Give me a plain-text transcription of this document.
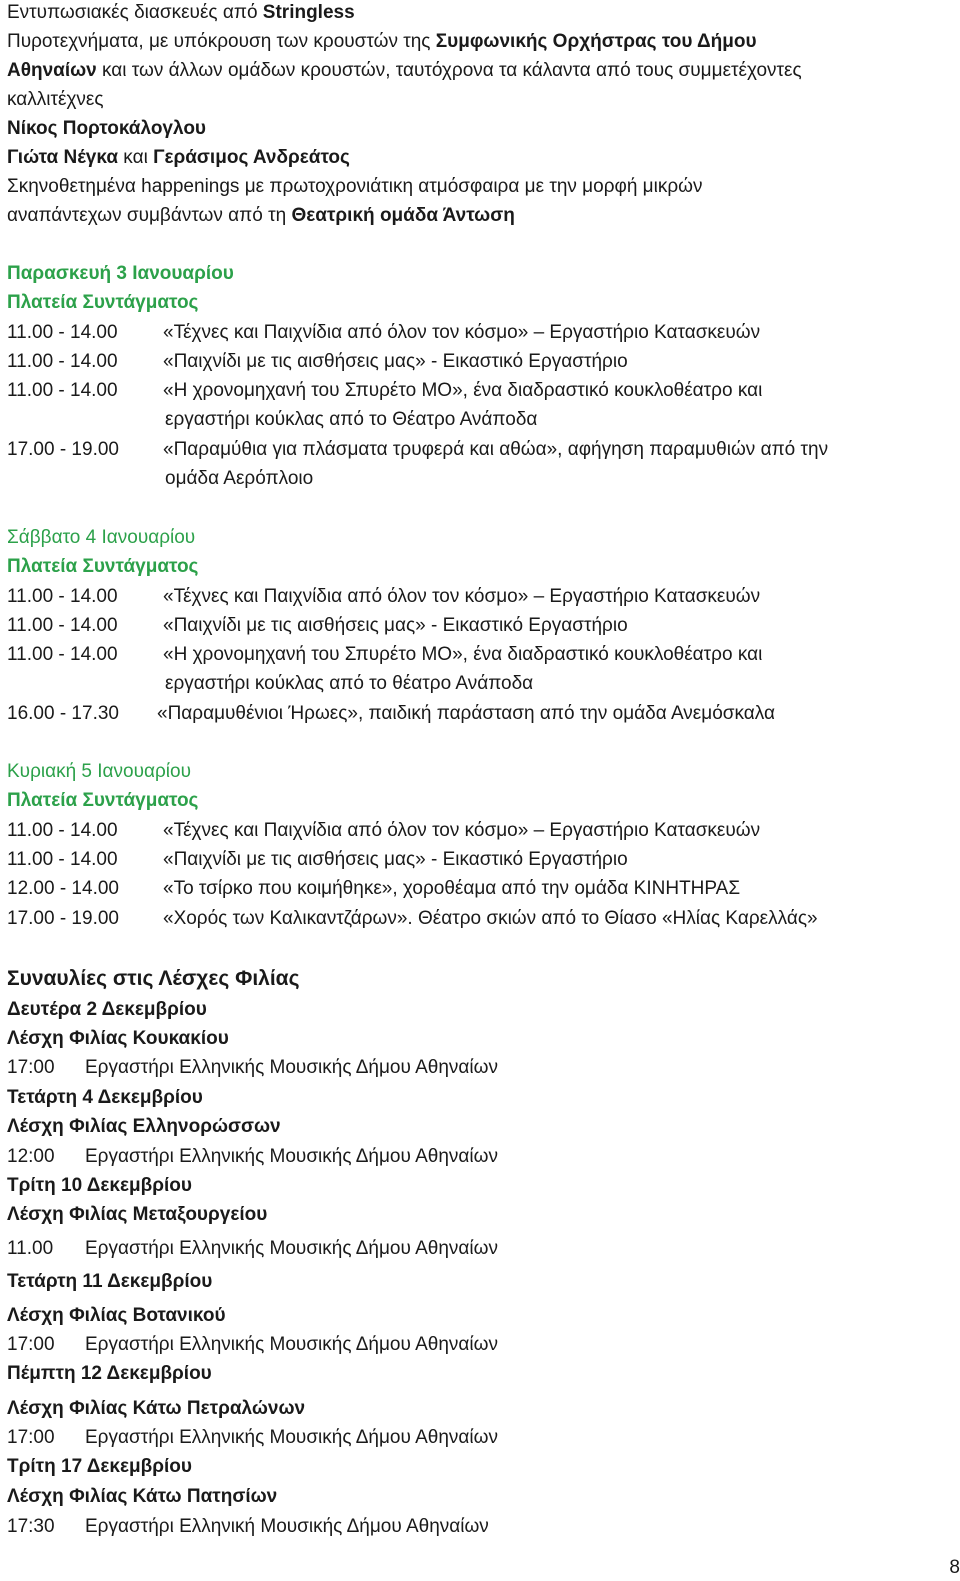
Εντυπωσιακές διασκευές από Stringless
Πυροτεχνήματα, με υπόκρουση των κρουστών της Συμφωνικής Ορχήστρας του Δήμου
Αθηναίων και των άλλων ομάδων κρουστών, ταυτόχρονα τα κάλαντα από τους συμμετέχοντες
καλλιτέχνες
Νίκος Πορτοκάλογλου
Γιώτα Νέγκα και Γεράσιμος Ανδρεάτος
Σκηνοθετημένα happenings με πρωτοχρονιάτικη ατμόσφαιρα με την μορφή μικρών
αναπάντεχων συμβάντων από τη Θεατρική ομάδα Άντωση
Παρασκευή 3 Ιανουαρίου
Πλατεία Συντάγματος
11.00 - 14.00 «Τέχνες και Παιχνίδια από όλον τον κόσμο» – Εργαστήριο Κατασκευών
11.00 - 14.00 «Παιχνίδι με τις αισθήσεις μας» - Εικαστικό Εργαστήριο
11.00 - 14.00 «Η χρονομηχανή του Σπυρέτο ΜΟ», ένα διαδραστικό κουκλοθέατρο και
εργαστήρι κούκλας από το Θέατρο Ανάποδα
17.00 - 19.00 «Παραμύθια για πλάσματα τρυφερά και αθώα», αφήγηση παραμυθιών από την
ομάδα Αερόπλοιο
Σάββατο 4 Ιανουαρίου
Πλατεία Συντάγματος
11.00 - 14.00 «Τέχνες και Παιχνίδια από όλον τον κόσμο» – Εργαστήριο Κατασκευών
11.00 - 14.00 «Παιχνίδι με τις αισθήσεις μας» - Εικαστικό Εργαστήριο
11.00 - 14.00 «Η χρονομηχανή του Σπυρέτο ΜΟ», ένα διαδραστικό κουκλοθέατρο και
εργαστήρι κούκλας από το θέατρο Ανάποδα
16.00 - 17.30 «Παραμυθένιοι Ήρωες», παιδική παράσταση από την ομάδα Ανεμόσκαλα
Κυριακή 5 Ιανουαρίου
Πλατεία Συντάγματος
11.00 - 14.00 «Τέχνες και Παιχνίδια από όλον τον κόσμο» – Εργαστήριο Κατασκευών
11.00 - 14.00 «Παιχνίδι με τις αισθήσεις μας» - Εικαστικό Εργαστήριο
12.00 - 14.00 «Το τσίρκο που κοιμήθηκε», χοροθέαμα από την ομάδα ΚΙΝΗΤΗΡΑΣ
17.00 - 19.00 «Χορός των Καλικαντζάρων». Θέατρο σκιών από το Θίασο «Ηλίας Καρελλάς»
Συναυλίες στις Λέσχες Φιλίας
Δευτέρα 2 Δεκεμβρίου
Λέσχη Φιλίας Κουκακίου
17:00 Εργαστήρι Ελληνικής Μουσικής Δήμου Αθηναίων
Τετάρτη 4 Δεκεμβρίου
Λέσχη Φιλίας Ελληνορώσσων
12:00 Εργαστήρι Ελληνικής Μουσικής Δήμου Αθηναίων
Τρίτη 10 Δεκεμβρίου
Λέσχη Φιλίας Μεταξουργείου
11.00 Εργαστήρι Ελληνικής Μουσικής Δήμου Αθηναίων
Τετάρτη 11 Δεκεμβρίου
Λέσχη Φιλίας Βοτανικού
17:00 Εργαστήρι Ελληνικής Μουσικής Δήμου Αθηναίων
Πέμπτη 12 Δεκεμβρίου
Λέσχη Φιλίας Κάτω Πετραλώνων
17:00 Εργαστήρι Ελληνικής Μουσικής Δήμου Αθηναίων
Τρίτη 17 Δεκεμβρίου
Λέσχη Φιλίας Κάτω Πατησίων
17:30 Εργαστήρι Ελληνική Μουσικής Δήμου Αθηναίων
8
